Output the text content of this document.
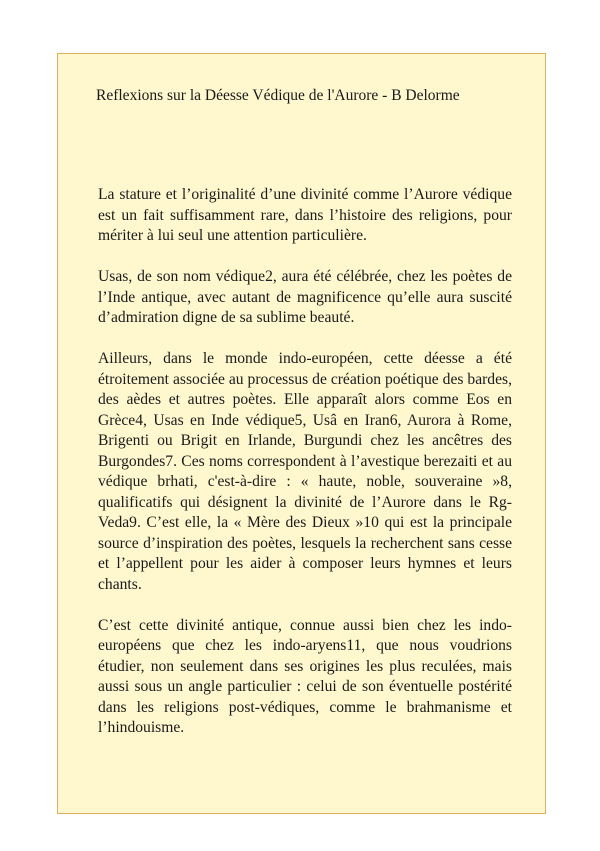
Reflexions sur la Déesse Védique de l'Aurore - B Delorme

La stature et l’originalité d’une divinité comme l’Aurore védique est un fait suffisamment rare, dans l’histoire des religions, pour mériter à lui seul une attention particulière.

Usas, de son nom védique2, aura été célébrée, chez les poètes de l’Inde antique, avec autant de magnificence qu’elle aura suscité d’admiration digne de sa sublime beauté.

Ailleurs, dans le monde indo-européen, cette déesse a été étroitement associée au processus de création poétique des bardes, des aèdes et autres poètes. Elle apparaît alors comme Eos en Grèce4, Usas en Inde védique5, Usâ en Iran6, Aurora à Rome, Brigenti ou Brigit en Irlande, Burgundi chez les ancêtres des Burgondes7. Ces noms correspondent à l’avestique berezaiti et au védique brhati, c'est-à-dire : « haute, noble, souveraine »8, qualificatifs qui désignent la divinité de l’Aurore dans le Rg-Veda9. C’est elle, la « Mère des Dieux »10 qui est la principale source d’inspiration des poètes, lesquels la recherchent sans cesse et l’appellent pour les aider à composer leurs hymnes et leurs chants.

C’est cette divinité antique, connue aussi bien chez les indo-européens que chez les indo-aryens11, que nous voudrions étudier, non seulement dans ses origines les plus reculées, mais aussi sous un angle particulier : celui de son éventuelle postérité dans les religions post-védiques, comme le brahmanisme et l’hindouisme.
